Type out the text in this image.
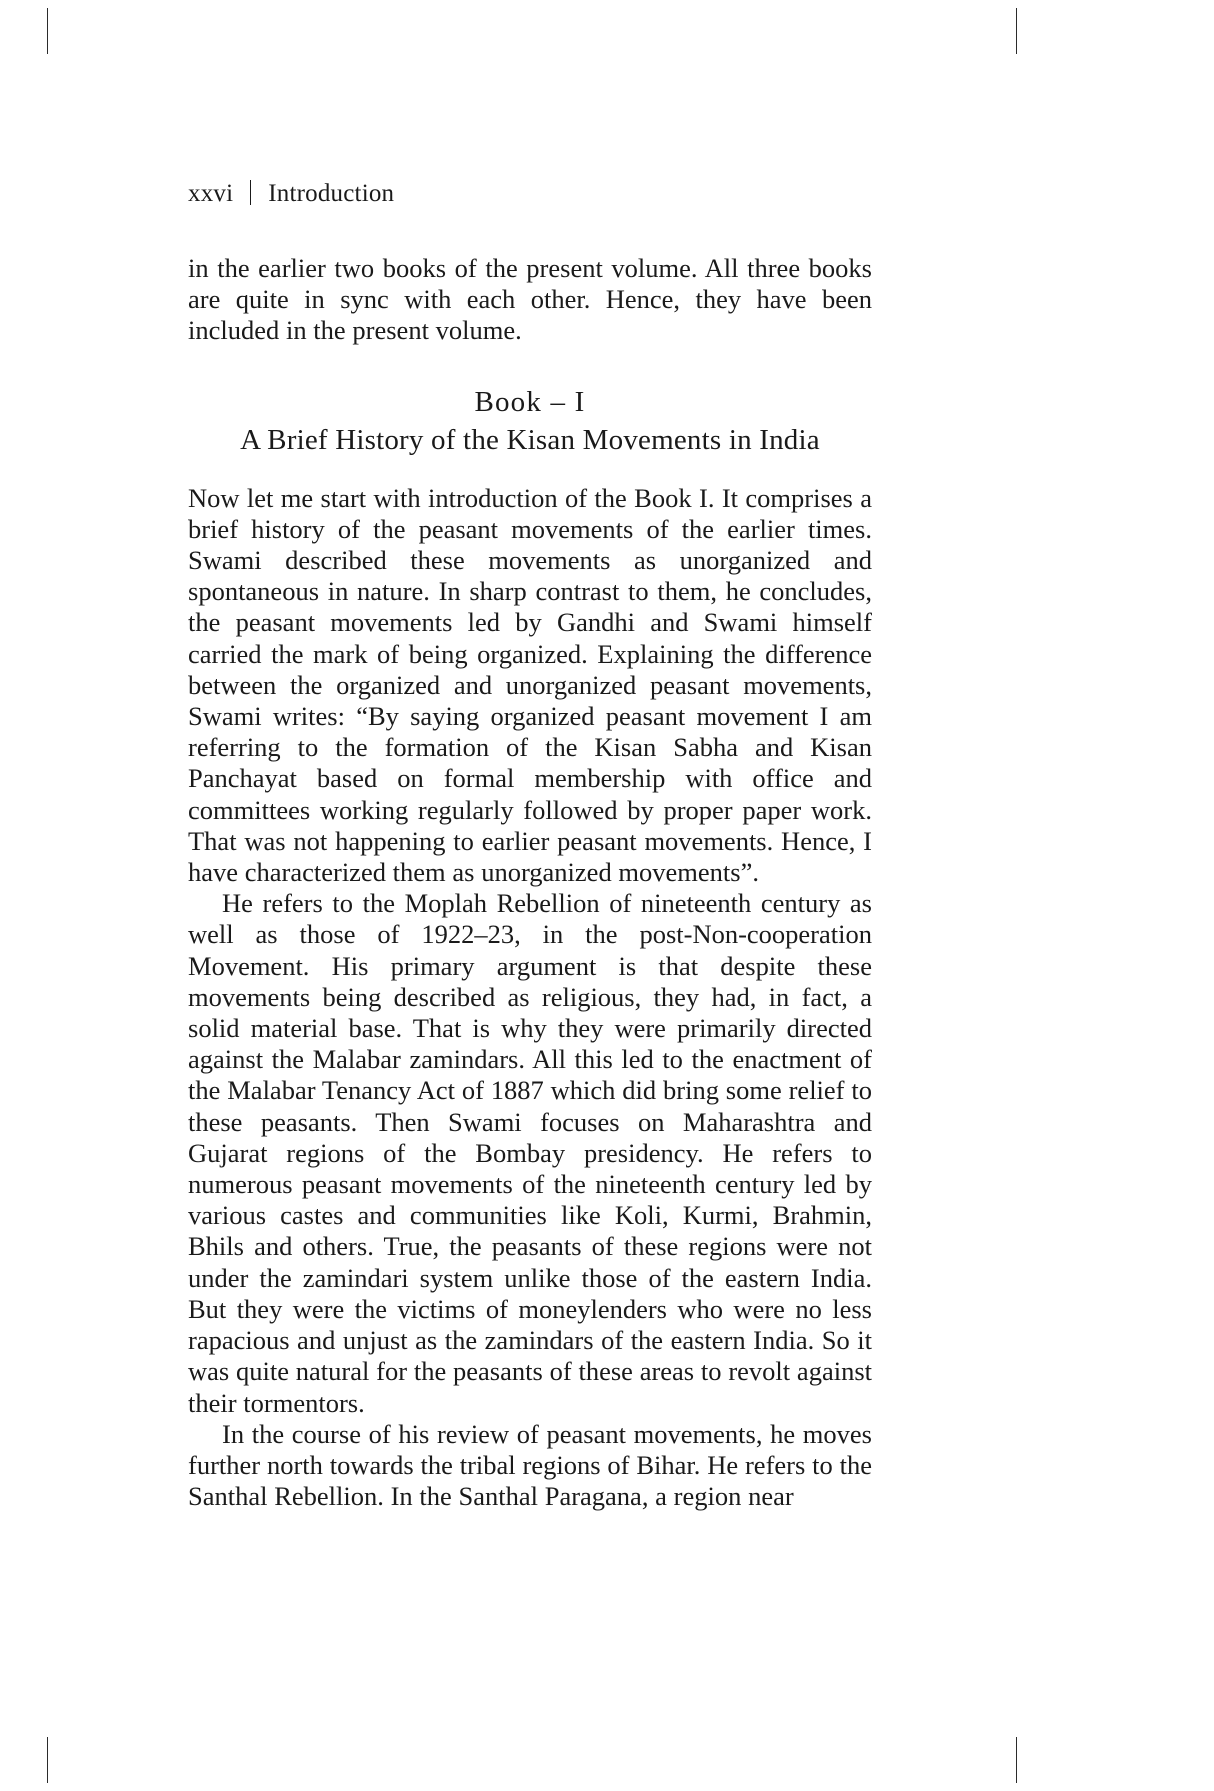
xxvi Introduction

in the earlier two books of the present volume. All three books are quite in sync with each other. Hence, they have been included in the present volume.

Book – I
A Brief History of the Kisan Movements in India

Now let me start with introduction of the Book I. It comprises a brief history of the peasant movements of the earlier times. Swami described these movements as unorganized and spontaneous in nature. In sharp contrast to them, he concludes, the peasant movements led by Gandhi and Swami himself carried the mark of being organized. Explaining the difference between the organized and unorganized peasant movements, Swami writes: “By saying organized peasant movement I am referring to the formation of the Kisan Sabha and Kisan Panchayat based on formal membership with office and committees working regularly followed by proper paper work. That was not happening to earlier peasant movements. Hence, I have characterized them as unorganized movements”.

He refers to the Moplah Rebellion of nineteenth century as well as those of 1922–23, in the post-Non-cooperation Movement. His primary argument is that despite these movements being described as religious, they had, in fact, a solid material base. That is why they were primarily directed against the Malabar zamindars. All this led to the enactment of the Malabar Tenancy Act of 1887 which did bring some relief to these peasants. Then Swami focuses on Maharashtra and Gujarat regions of the Bombay presidency. He refers to numerous peasant movements of the nineteenth century led by various castes and communities like Koli, Kurmi, Brahmin, Bhils and others. True, the peasants of these regions were not under the zamindari system unlike those of the eastern India. But they were the victims of moneylenders who were no less rapacious and unjust as the zamindars of the eastern India. So it was quite natural for the peasants of these areas to revolt against their tormentors.

In the course of his review of peasant movements, he moves further north towards the tribal regions of Bihar. He refers to the Santhal Rebellion. In the Santhal Paragana, a region near
